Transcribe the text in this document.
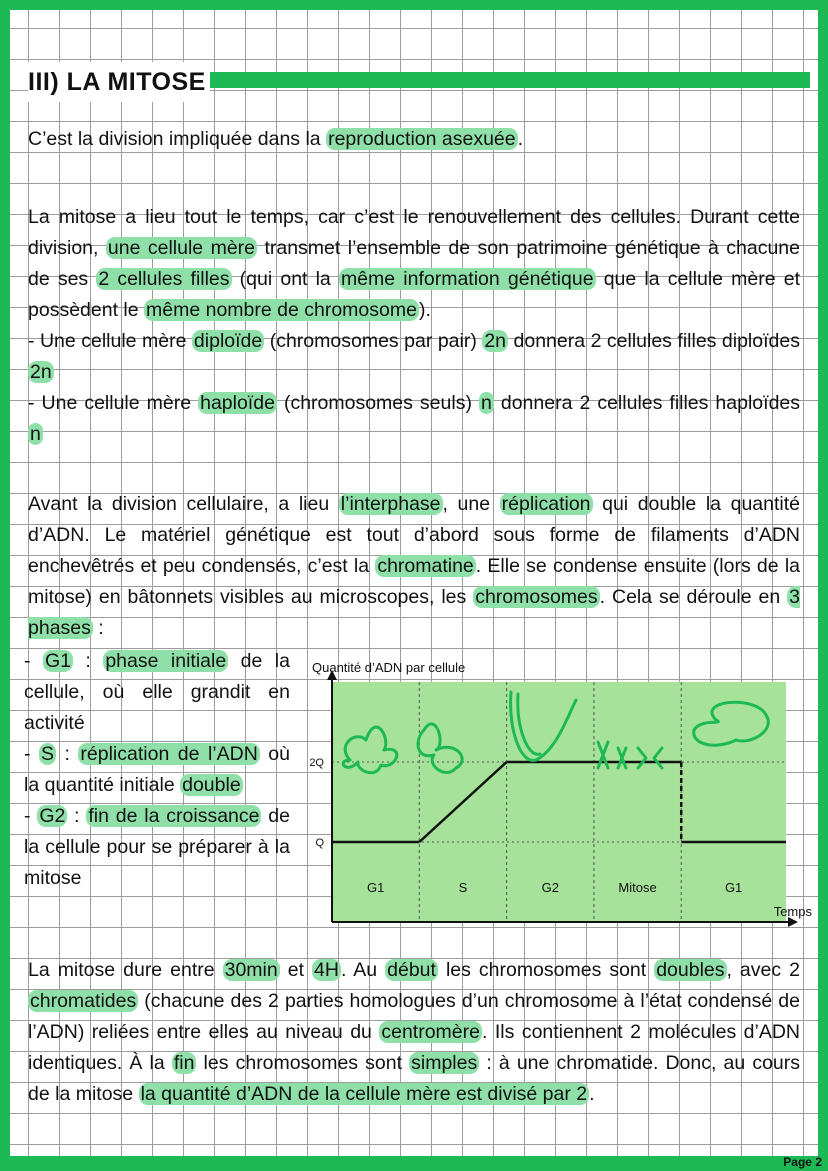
III) LA MITOSE

C’est la division impliquée dans la reproduction asexuée .

La mitose a lieu tout le temps, car c’est le renouvellement des cellules. Durant cette division, une cellule mère transmet l’ensemble de son patrimoine génétique à chacune de ses 2 cellules filles (qui ont la même information génétique que la cellule mère et possèdent le même nombre de chromosome ).

- Une cellule mère diploïde (chromosomes par pair) 2n donnera 2 cellules filles diploïdes 2n

- Une cellule mère haploïde (chromosomes seuls) n donnera 2 cellules filles haploïdes n

Avant la division cellulaire, a lieu l’interphase , une réplication qui double la quantité d’ADN. Le matériel génétique est tout d’abord sous forme de filaments d’ADN enchevêtrés et peu condensés, c’est la chromatine . Elle se condense ensuite (lors de la mitose) en bâtonnets visibles au microscopes, les chromosomes . Cela se déroule en 3 phases :

- G1 : phase initiale de la cellule, où elle grandit en activité

- S : réplication de l’ADN où la quantité initiale double

- G2 : fin de la croissance de la cellule pour se préparer à la mitose

Q
2Q
Quantité d’ADN par cellule
Temps
G1	S	G2	Mitose	G1

La mitose dure entre 30min et 4H . Au début les chromosomes sont doubles , avec 2 chromatides (chacune des 2 parties homologues d’un chromosome à l’état condensé de l’ADN) reliées entre elles au niveau du centromère . Ils contiennent 2 molécules d’ADN identiques. À la fin les chromosomes sont simples : à une chromatide. Donc, au cours de la mitose la quantité d’ADN de la cellule mère est divisé par 2 .

Page 2
